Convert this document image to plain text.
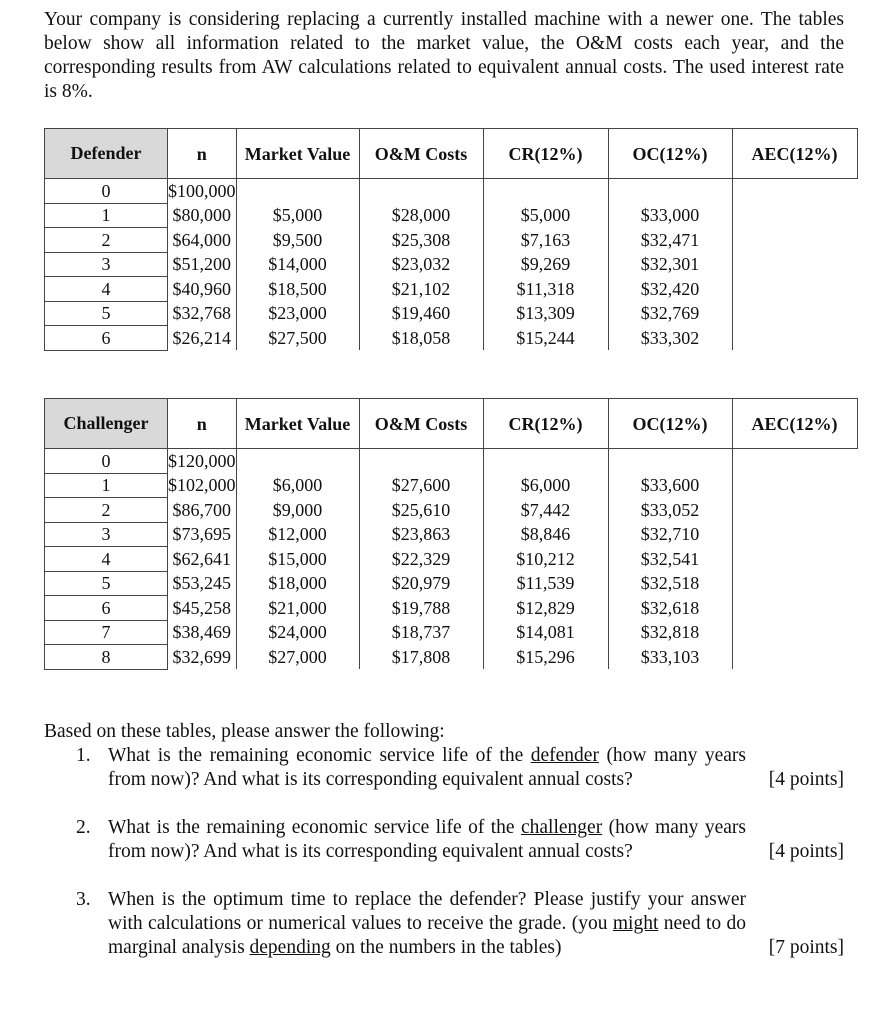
Your company is considering replacing a currently installed machine with a newer one. The tables below show all information related to the market value, the O&M costs each year, and the corresponding results from AW calculations related to equivalent annual costs. The used interest rate is 8%.
Defender	n	Market Value	O&M Costs	CR(12%)	OC(12%)	AEC(12%)
0	$100,000					
1	$80,000	$5,000	$28,000	$5,000	$33,000	
2	$64,000	$9,500	$25,308	$7,163	$32,471	
3	$51,200	$14,000	$23,032	$9,269	$32,301	
4	$40,960	$18,500	$21,102	$11,318	$32,420	
5	$32,768	$23,000	$19,460	$13,309	$32,769	
6	$26,214	$27,500	$18,058	$15,244	$33,302	
Challenger	n	Market Value	O&M Costs	CR(12%)	OC(12%)	AEC(12%)
0	$120,000					
1	$102,000	$6,000	$27,600	$6,000	$33,600	
2	$86,700	$9,000	$25,610	$7,442	$33,052	
3	$73,695	$12,000	$23,863	$8,846	$32,710	
4	$62,641	$15,000	$22,329	$10,212	$32,541	
5	$53,245	$18,000	$20,979	$11,539	$32,518	
6	$45,258	$21,000	$19,788	$12,829	$32,618	
7	$38,469	$24,000	$18,737	$14,081	$32,818	
8	$32,699	$27,000	$17,808	$15,296	$33,103	
Based on these tables, please answer the following:
1. What is the remaining economic service life of the defender (how many years from now)? And what is its corresponding equivalent annual costs?	[4 points]
2. What is the remaining economic service life of the challenger (how many years from now)? And what is its corresponding equivalent annual costs?	[4 points]
3. When is the optimum time to replace the defender? Please justify your answer with calculations or numerical values to receive the grade. (you might need to do marginal analysis depending on the numbers in the tables)	[7 points]
